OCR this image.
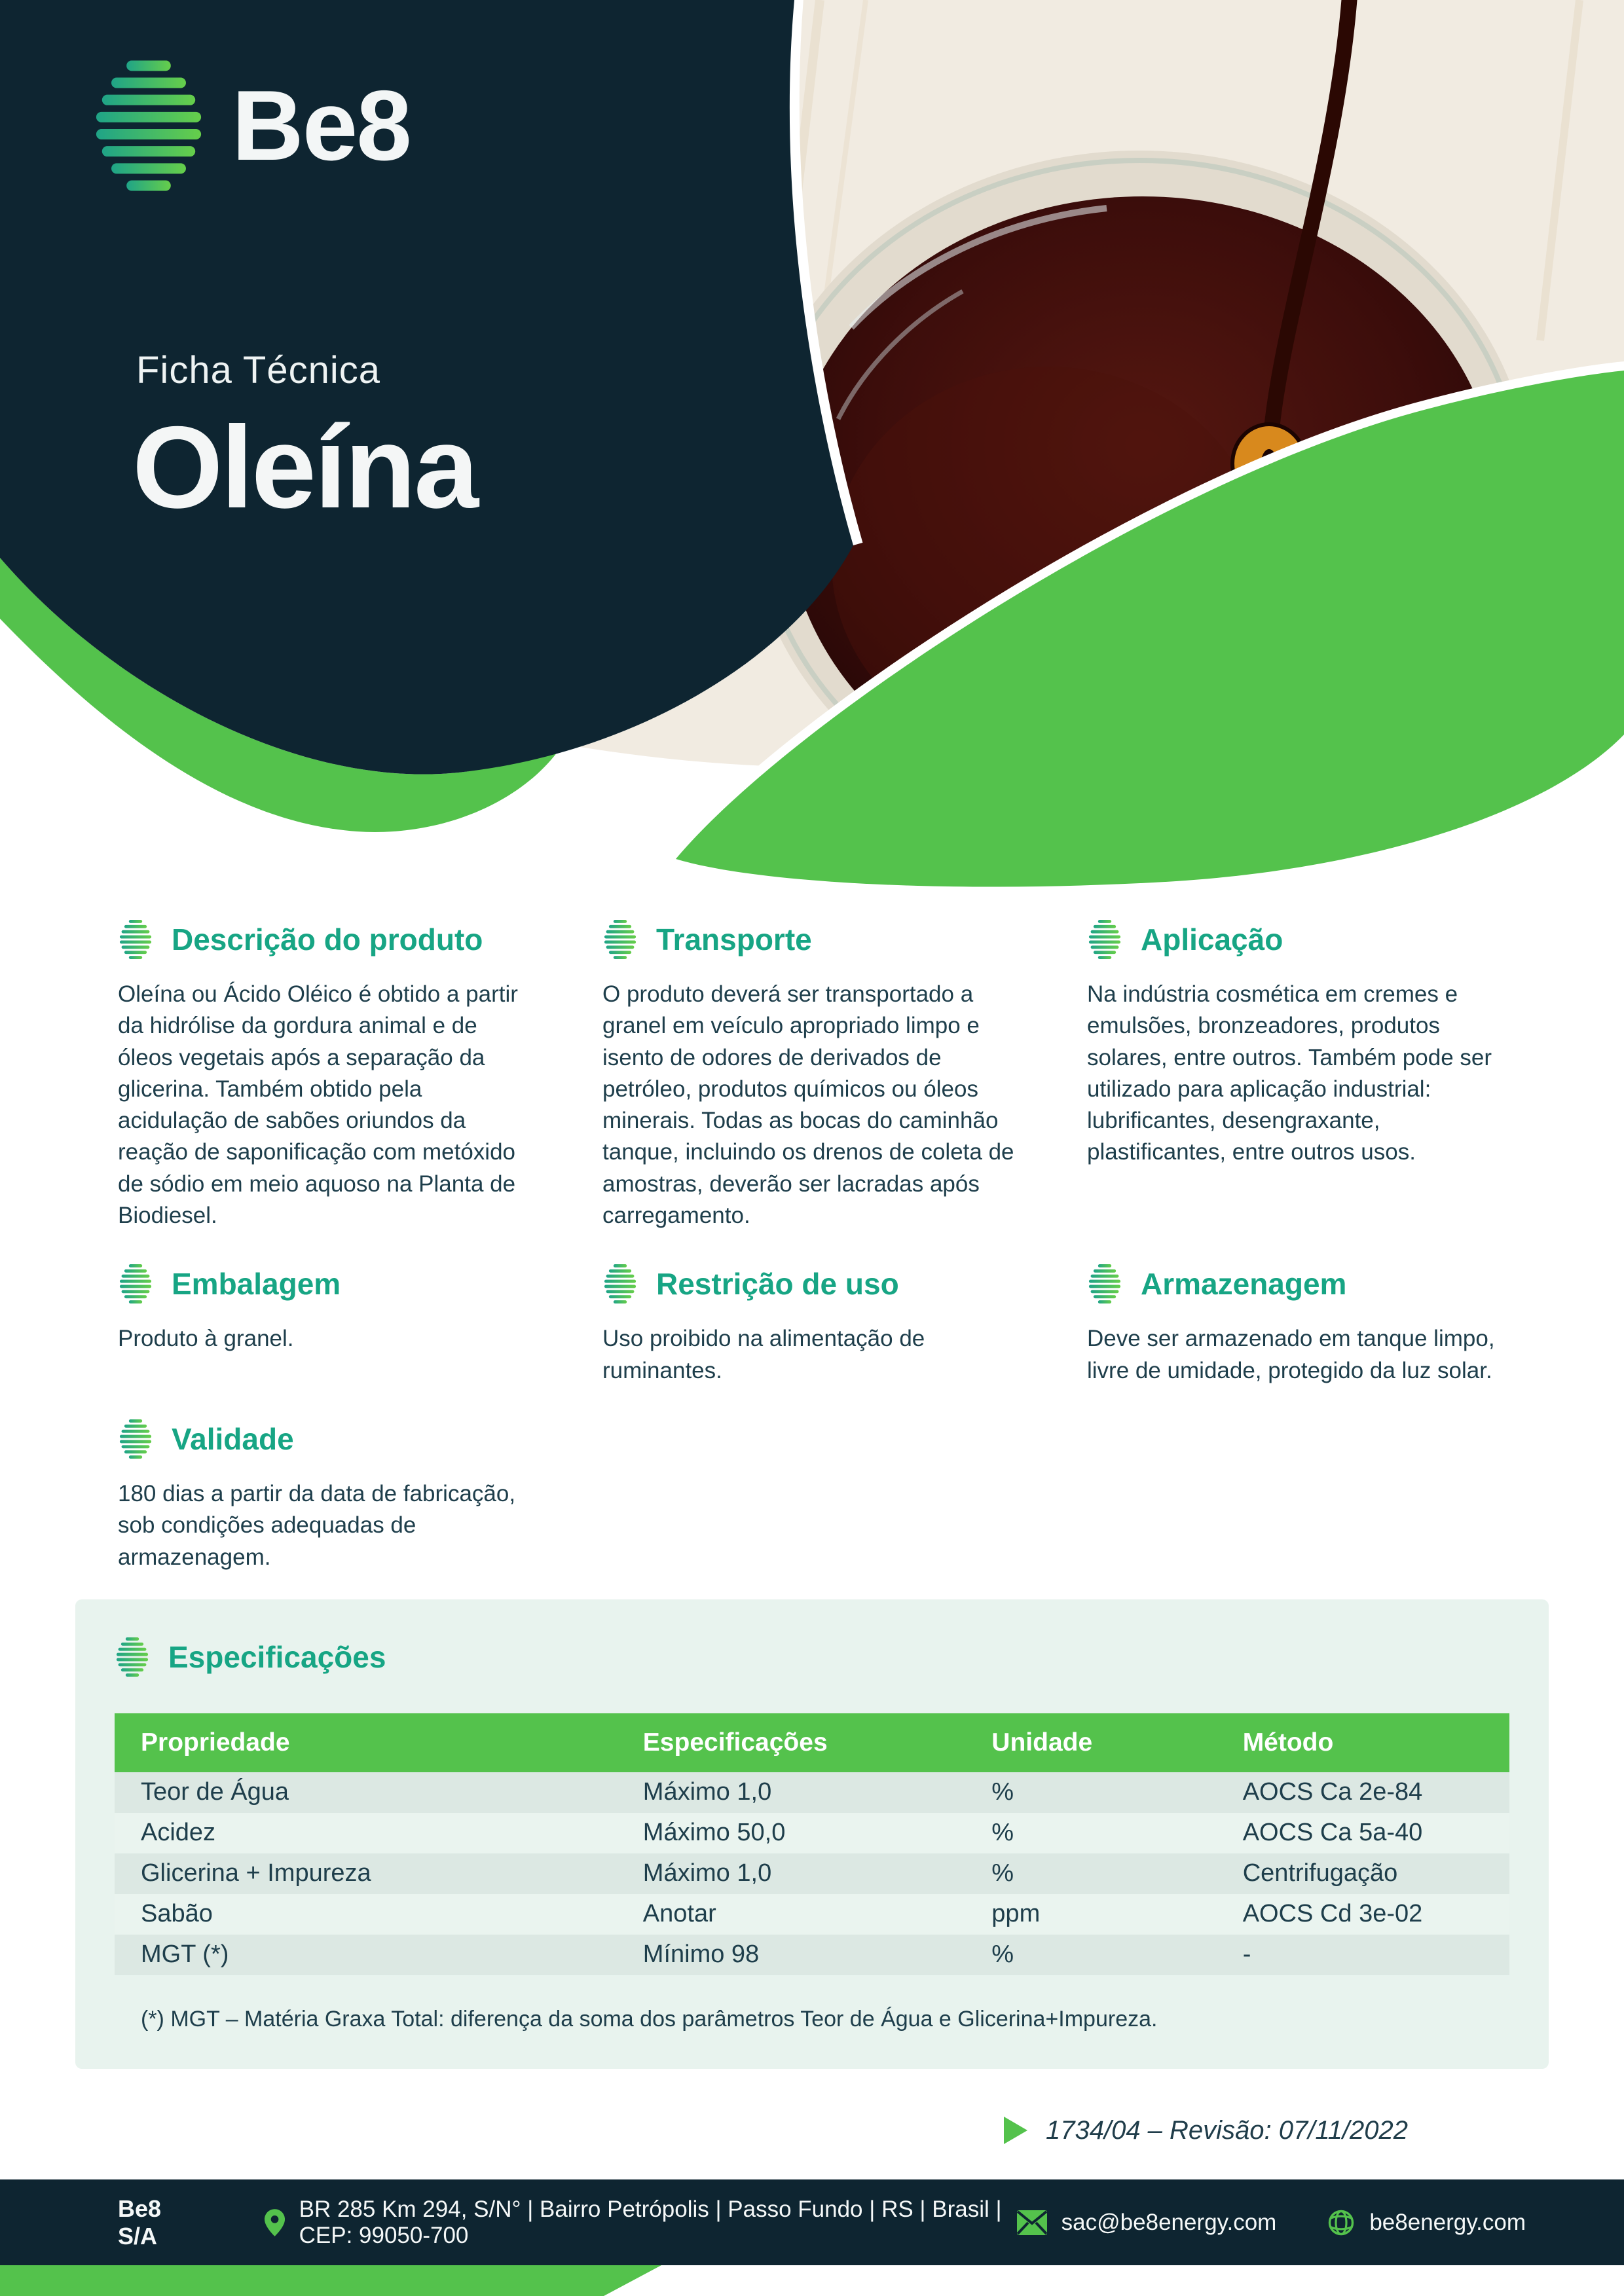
Be8
Ficha Técnica
Oleína
Descrição do produto

Oleína ou Ácido Oléico é obtido a partir da hidrólise da gordura animal e de óleos vegetais após a separação da glicerina. Também obtido pela acidulação de sabões oriundos da reação de saponificação com metóxido de sódio em meio aquoso na Planta de Biodiesel.

Transporte

O produto deverá ser transportado a granel em veículo apropriado limpo e isento de odores de derivados de petróleo, produtos químicos ou óleos minerais. Todas as bocas do caminhão tanque, incluindo os drenos de coleta de amostras, deverão ser lacradas após carregamento.

Aplicação

Na indústria cosmética em cremes e emulsões, bronzeadores, produtos solares, entre outros. Também pode ser utilizado para aplicação industrial: lubrificantes, desengraxante, plastificantes, entre outros usos.

Embalagem

Produto à granel.

Restrição de uso

Uso proibido na alimentação de ruminantes.

Armazenagem

Deve ser armazenado em tanque limpo, livre de umidade, protegido da luz solar.

Validade

180 dias a partir da data de fabricação, sob condições adequadas de armazenagem.

Especificações
Propriedade	Especificações	Unidade	Método
Teor de Água	Máximo 1,0	%	AOCS Ca 2e-84
Acidez	Máximo 50,0	%	AOCS Ca 5a-40
Glicerina + Impureza	Máximo 1,0	%	Centrifugação
Sabão	Anotar	ppm	AOCS Cd 3e-02
MGT (*)	Mínimo 98	%	-

(*) MGT – Matéria Graxa Total: diferença da soma dos parâmetros Teor de Água e Glicerina+Impureza.

1734/04 – Revisão: 07/11/2022
Be8 S/A
BR 285 Km 294, S/N° | Bairro Petrópolis | Passo Fundo | RS | Brasil | CEP: 99050-700
sac@be8energy.com	be8energy.com
